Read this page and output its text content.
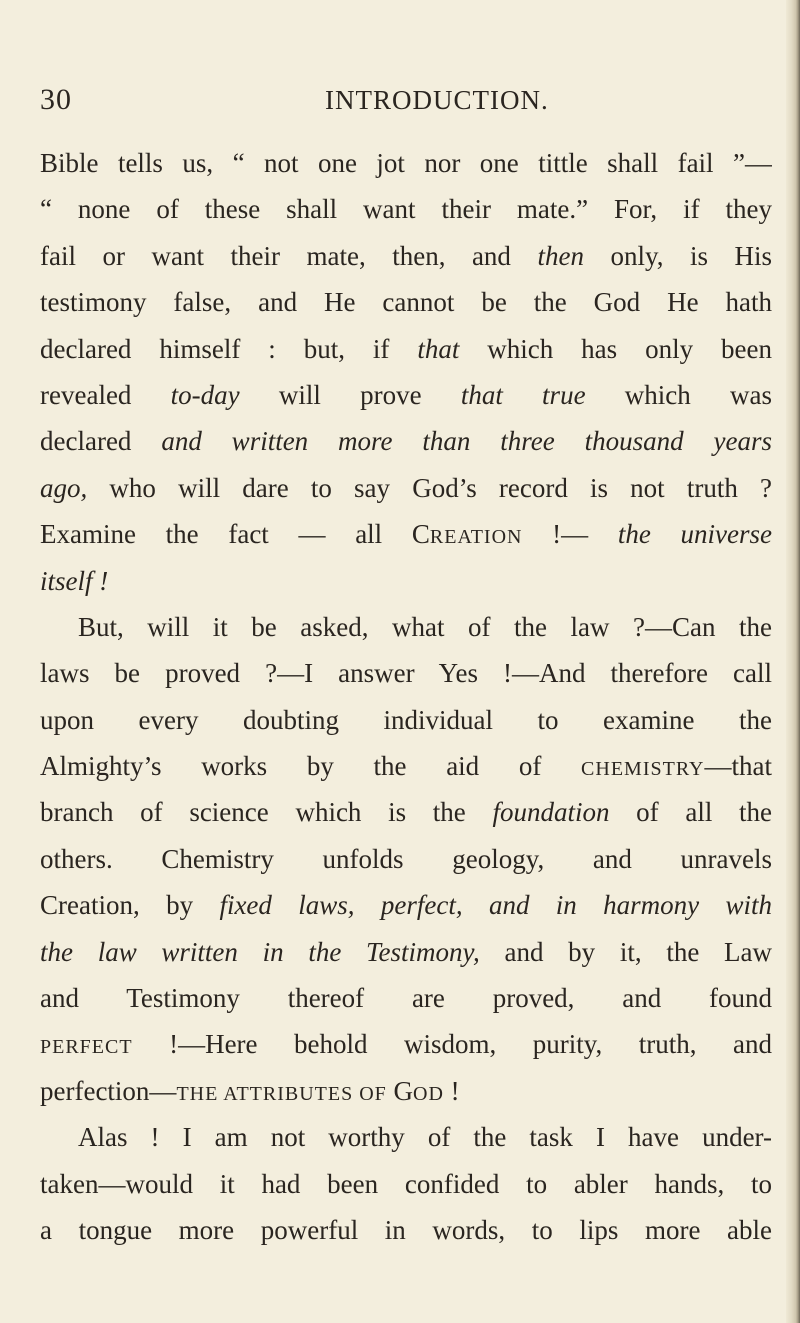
30	INTRODUCTION.
Bible tells us, “ not one jot nor one tittle shall fail ”—
“ none of these shall want their mate.” For, if they
fail or want their mate, then, and then only, is His
testimony false, and He cannot be the God He hath
declared himself : but, if that which has only been
revealed to-day will prove that true which was
declared and written more than three thousand years
ago, who will dare to say God’s record is not truth ?
Examine the fact — all CREATION !— the universe
itself !
But, will it be asked, what of the law ?—Can the
laws be proved ?—I answer Yes !—And therefore call
upon every doubting individual to examine the
Almighty’s works by the aid of CHEMISTRY—that
branch of science which is the foundation of all the
others. Chemistry unfolds geology, and unravels
Creation, by fixed laws, perfect, and in harmony with
the law written in the Testimony, and by it, the Law
and Testimony thereof are proved, and found
PERFECT !—Here behold wisdom, purity, truth, and
perfection—THE ATTRIBUTES OF GOD !
Alas ! I am not worthy of the task I have under-
taken—would it had been confided to abler hands, to
a tongue more powerful in words, to lips more able
